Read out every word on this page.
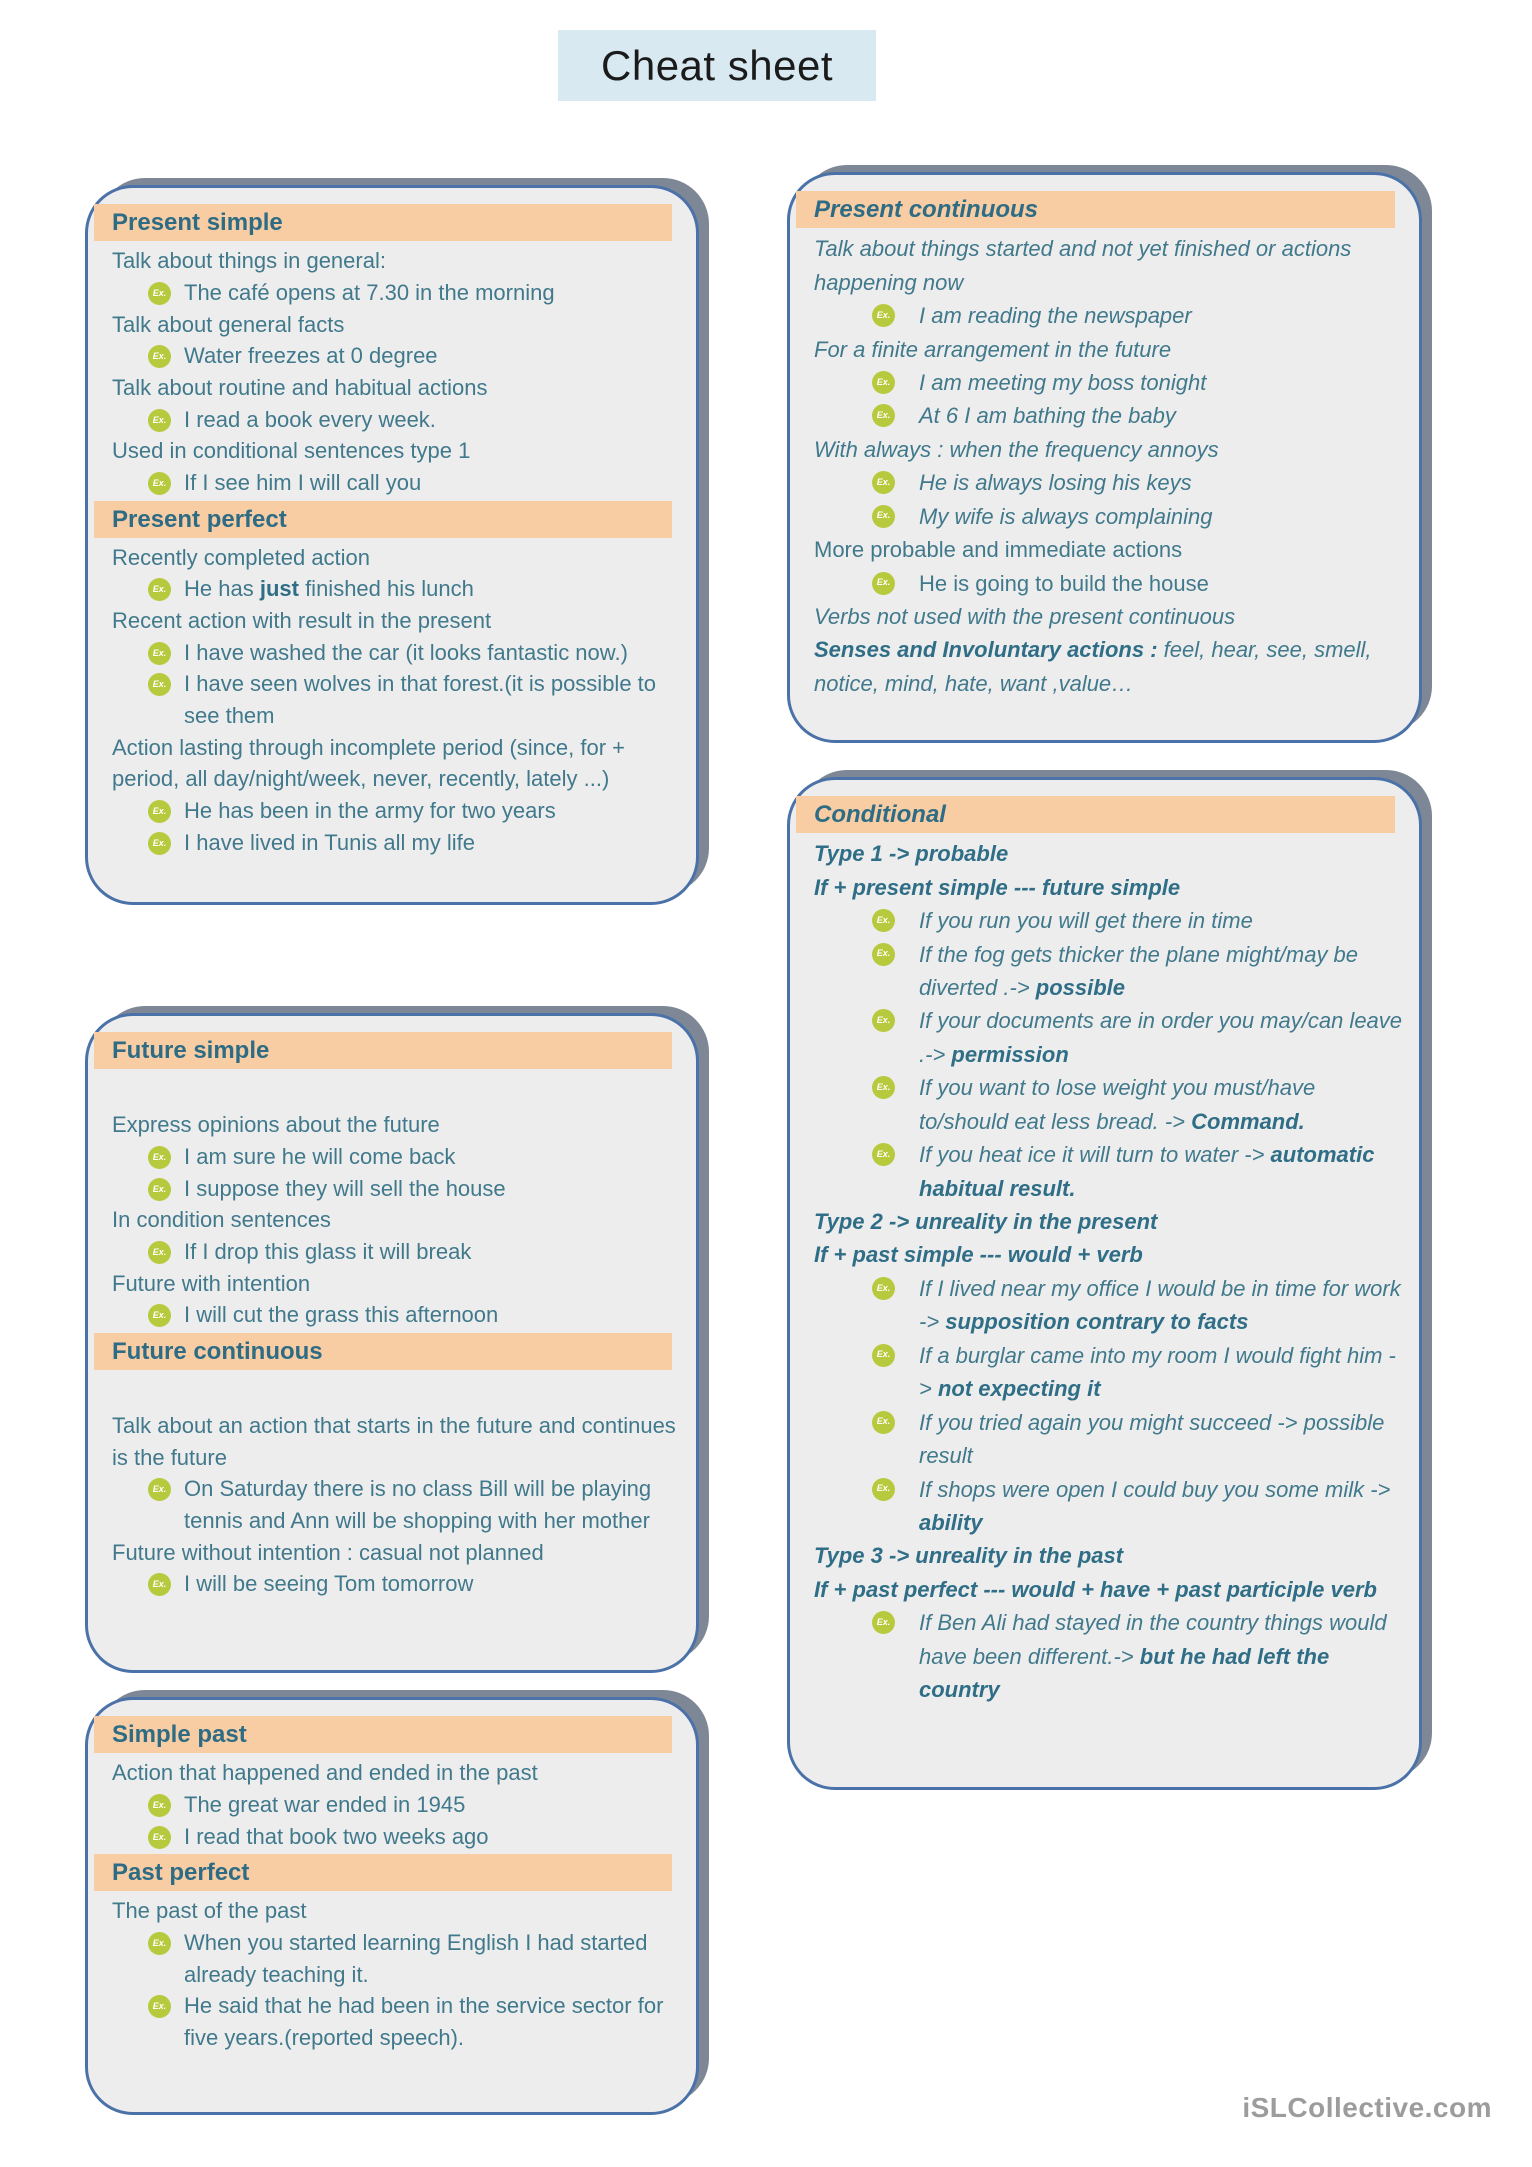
Cheat sheet
Present simple
Talk about things in general:
Ex. The café opens at 7.30 in the morning
Talk about general facts
Ex. Water freezes at 0 degree
Talk about routine and habitual actions
Ex. I read a book every week.
Used in conditional sentences type 1
Ex. If I see him I will call you
Present perfect
Recently completed action
Ex. He has just finished his lunch
Recent action with result in the present
Ex. I have washed the car (it looks fantastic now.)
Ex. I have seen wolves in that forest.(it is possible to see them
Action lasting through incomplete period (since, for + period, all day/night/week, never, recently, lately ...)
Ex. He has been in the army for two years
Ex. I have lived in Tunis all my life
Future simple
Express opinions about the future
Ex. I am sure he will come back
Ex. I suppose they will sell the house
In condition sentences
Ex. If I drop this glass it will break
Future with intention
Ex. I will cut the grass this afternoon
Future continuous
Talk about an action that starts in the future and continues is the future
Ex. On Saturday there is no class Bill will be playing tennis and Ann will be shopping with her mother
Future without intention : casual not planned
Ex. I will be seeing Tom tomorrow
Simple past
Action that happened and ended in the past
Ex. The great war ended in 1945
Ex. I read that book two weeks ago
Past perfect
The past of the past
Ex. When you started learning English I had started already teaching it.
Ex. He said that he had been in the service sector for five years.(reported speech).
Present continuous
Talk about things started and not yet finished or actions happening now
Ex. I am reading the newspaper
For a finite arrangement in the future
Ex. I am meeting my boss tonight
Ex. At 6 I am bathing the baby
With always : when the frequency annoys
Ex. He is always losing his keys
Ex. My wife is always complaining
More probable and immediate actions
Ex. He is going to build the house
Verbs not used with the present continuous
Senses and Involuntary actions : feel, hear, see, smell, notice, mind, hate, want ,value…
Conditional
Type 1 -> probable
If + present simple --- future simple
Ex. If you run you will get there in time
Ex. If the fog gets thicker the plane might/may be diverted .-> possible
Ex. If your documents are in order you may/can leave .-> permission
Ex. If you want to lose weight you must/have to/should eat less bread. -> Command.
Ex. If you heat ice it will turn to water -> automatic habitual result.
Type 2 -> unreality in the present
If + past simple --- would + verb
Ex. If I lived near my office I would be in time for work -> supposition contrary to facts
Ex. If a burglar came into my room I would fight him -> not expecting it
Ex. If you tried again you might succeed -> possible result
Ex. If shops were open I could buy you some milk -> ability
Type 3 -> unreality in the past
If + past perfect --- would + have + past participle verb
Ex. If Ben Ali had stayed in the country things would have been different.-> but he had left the country
iSLCollective.com
